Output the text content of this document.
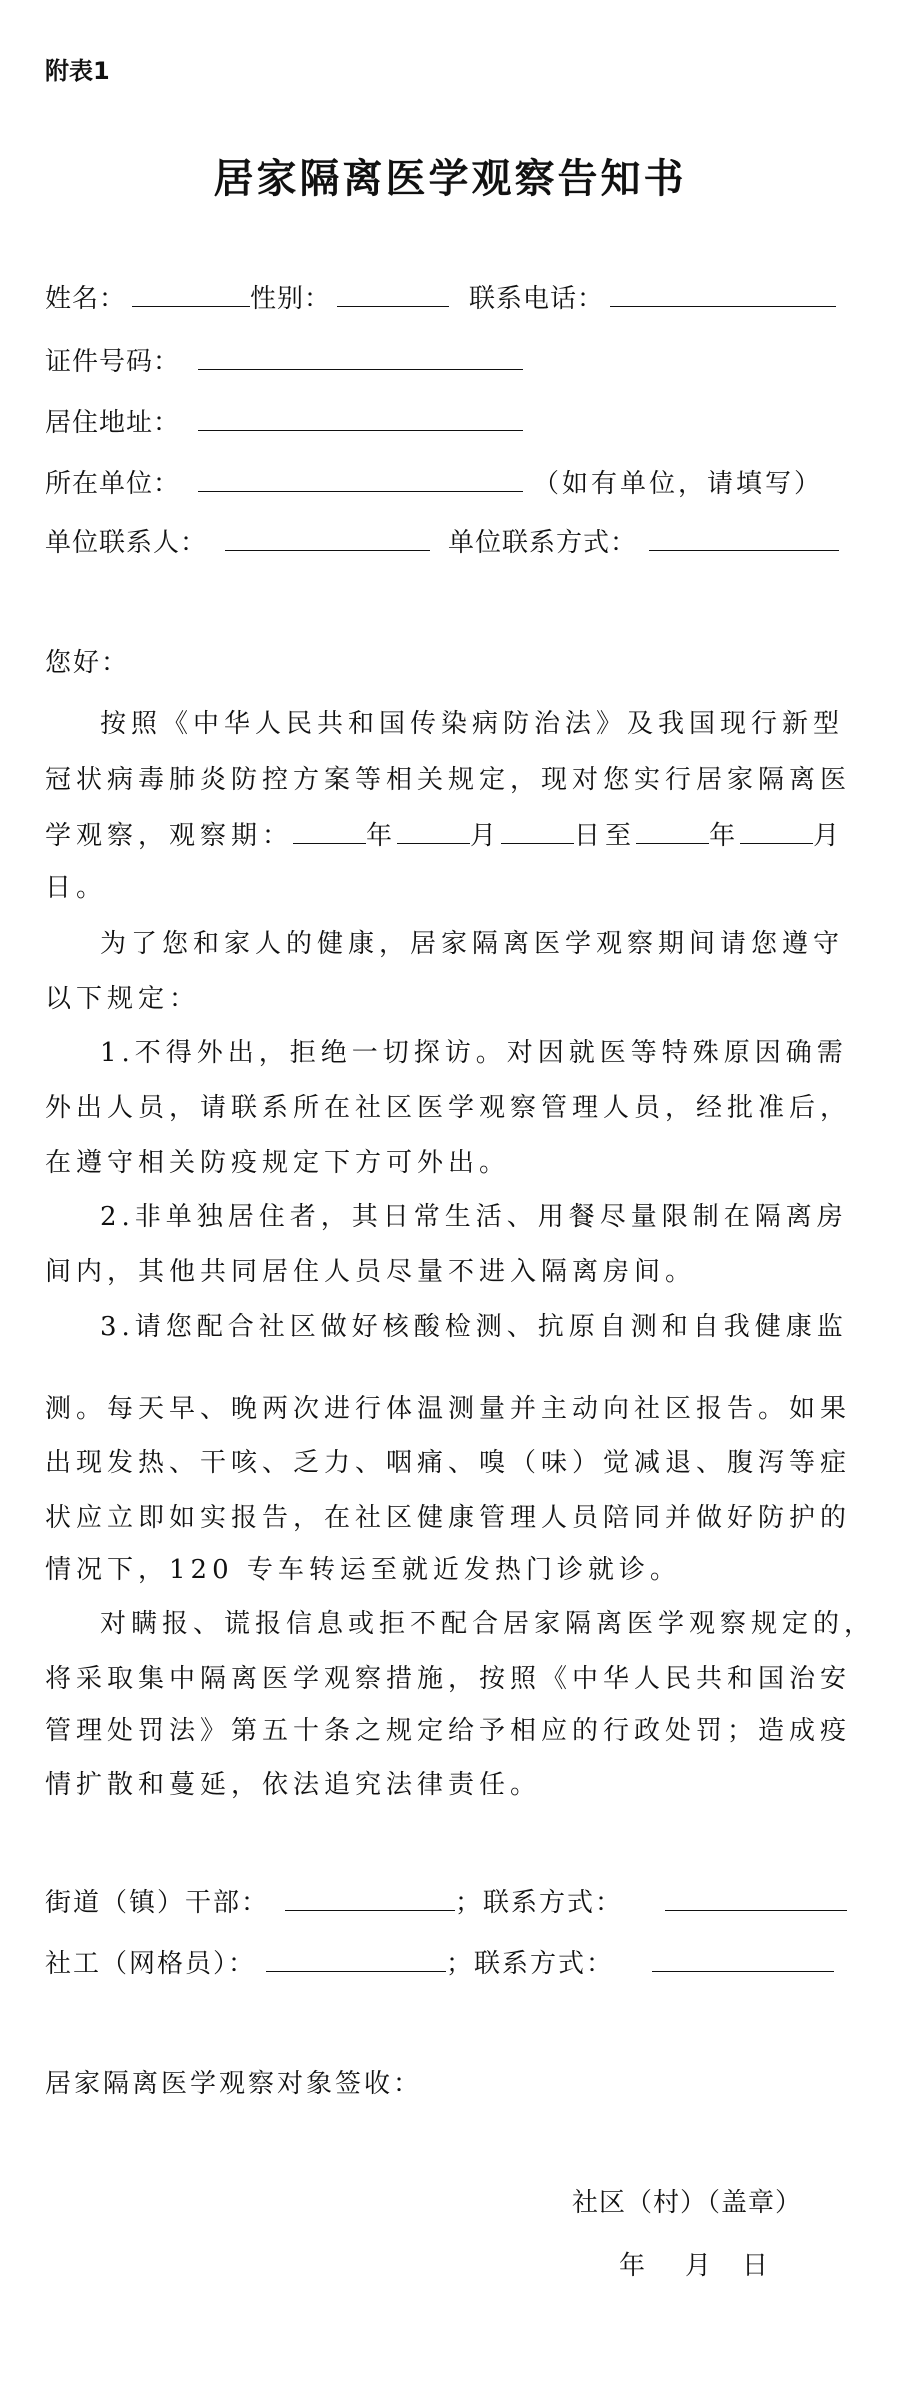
附表1
居家隔离医学观察告知书
姓名：	性别：	联系电话：
证件号码：
居住地址：
所在单位：	（如有单位，请填写）
单位联系人：	单位联系方式：
您好：
按照《中华人民共和国传染病防治法》及我国现行新型
冠状病毒肺炎防控方案等相关规定，现对您实行居家隔离医
学观察，观察期：	年	月	日至	年	月
日。
为了您和家人的健康，居家隔离医学观察期间请您遵守
以下规定：
1.不得外出，拒绝一切探访。对因就医等特殊原因确需
外出人员，请联系所在社区医学观察管理人员，经批准后，
在遵守相关防疫规定下方可外出。
2.非单独居住者，其日常生活、用餐尽量限制在隔离房
间内，其他共同居住人员尽量不进入隔离房间。
3.请您配合社区做好核酸检测、抗原自测和自我健康监
测。每天早、晚两次进行体温测量并主动向社区报告。如果
出现发热、干咳、乏力、咽痛、嗅（味）觉减退、腹泻等症
状应立即如实报告，在社区健康管理人员陪同并做好防护的
情况下，120 专车转运至就近发热门诊就诊。
对瞒报、谎报信息或拒不配合居家隔离医学观察规定的，
将采取集中隔离医学观察措施，按照《中华人民共和国治安
管理处罚法》第五十条之规定给予相应的行政处罚；造成疫
情扩散和蔓延，依法追究法律责任。
街道（镇）干部：	；联系方式：
社工（网格员）：	；联系方式：
居家隔离医学观察对象签收：
社区（村）（盖章）
年 月 日
